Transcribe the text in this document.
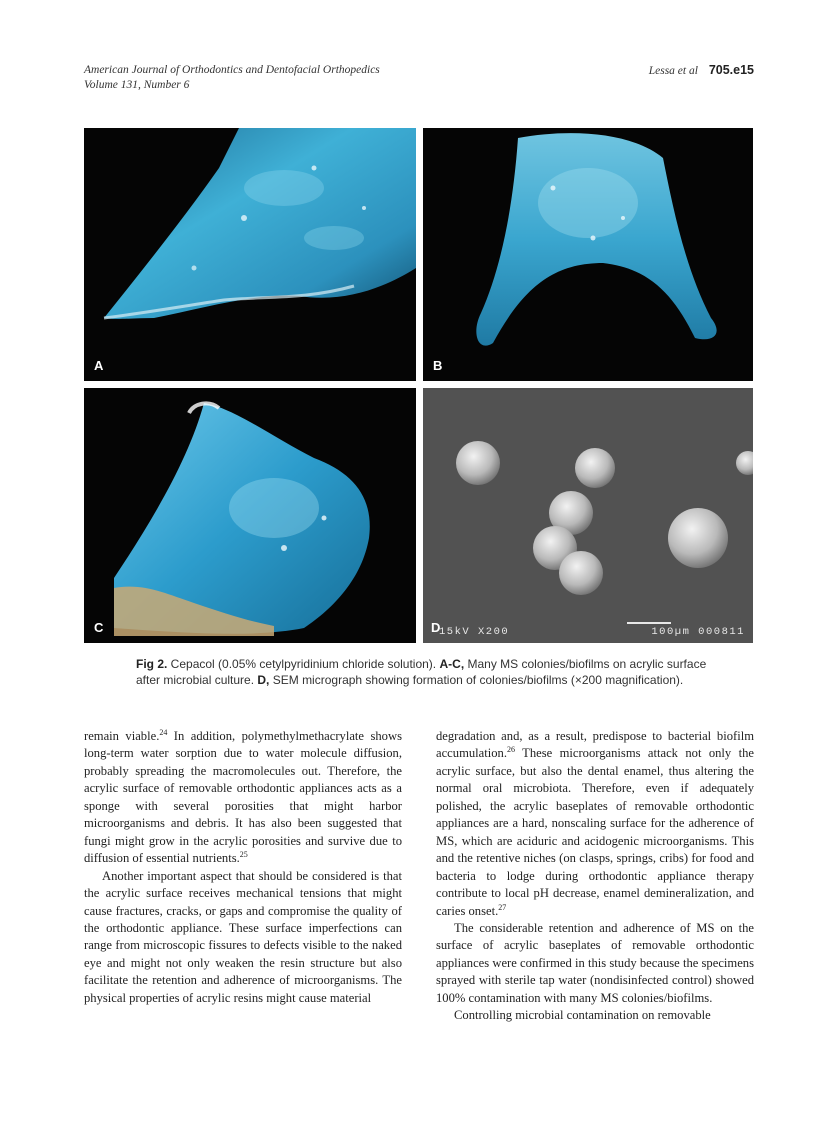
American Journal of Orthodontics and Dentofacial Orthopedics
Volume 131, Number 6
Lessa et al 705.e15
A	B
C	15kV X200	100µm 000811
D
Fig 2. Cepacol (0.05% cetylpyridinium chloride solution). A-C, Many MS colonies/biofilms on acrylic surface after microbial culture. D, SEM micrograph showing formation of colonies/biofilms (×200 magnification).

remain viable.$^{24}$ In addition, polymethylmethacrylate shows long-term water sorption due to water molecule diffusion, probably spreading the macromolecules out. Therefore, the acrylic surface of removable orthodontic appliances acts as a sponge with several porosities that might harbor microorganisms and debris. It has also been suggested that fungi might grow in the acrylic porosities and survive due to diffusion of essential nutrients.$^{25}$

Another important aspect that should be considered is that the acrylic surface receives mechanical tensions that might cause fractures, cracks, or gaps and compromise the quality of the orthodontic appliance. These surface imperfections can range from microscopic fissures to defects visible to the naked eye and might not only weaken the resin structure but also facilitate the retention and adherence of microorganisms. The physical properties of acrylic resins might cause material

degradation and, as a result, predispose to bacterial biofilm accumulation.$^{26}$ These microorganisms attack not only the acrylic surface, but also the dental enamel, thus altering the normal oral microbiota. Therefore, even if adequately polished, the acrylic baseplates of removable orthodontic appliances are a hard, nonscaling surface for the adherence of MS, which are aciduric and acidogenic microorganisms. This and the retentive niches (on clasps, springs, cribs) for food and bacteria to lodge during orthodontic appliance therapy contribute to local pH decrease, enamel demineralization, and caries onset.$^{27}$

The considerable retention and adherence of MS on the surface of acrylic baseplates of removable orthodontic appliances were confirmed in this study because the specimens sprayed with sterile tap water (nondisinfected control) showed 100% contamination with many MS colonies/biofilms.

Controlling microbial contamination on removable
